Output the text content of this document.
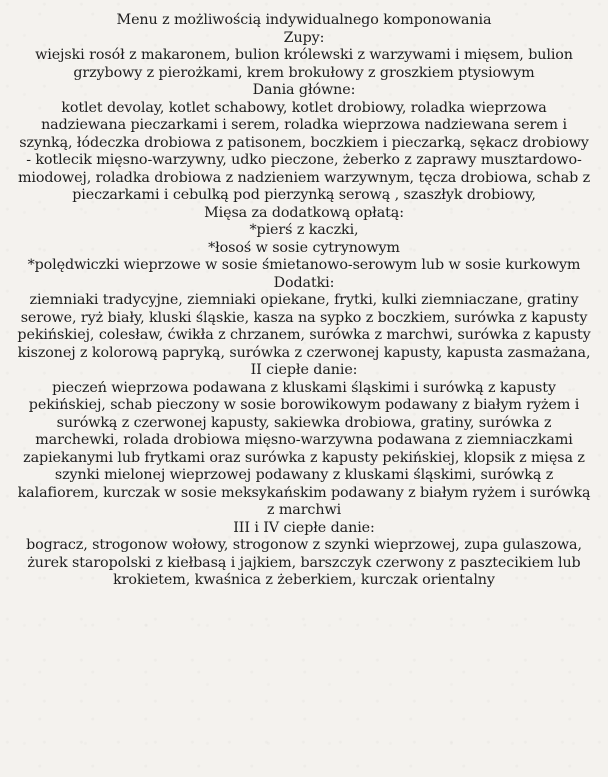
Menu z możliwością indywidualnego komponowania

Zupy:

wiejski rosół z makaronem, bulion królewski z warzywami i mięsem, bulion

grzybowy z pierożkami, krem brokułowy z groszkiem ptysiowym

Dania główne:

kotlet devolay, kotlet schabowy, kotlet drobiowy, roladka wieprzowa

nadziewana pieczarkami i serem, roladka wieprzowa nadziewana serem i

szynką, łódeczka drobiowa z patisonem, boczkiem i pieczarką, sękacz drobiowy

- kotlecik mięsno-warzywny, udko pieczone, żeberko z zaprawy musztardowo-

miodowej, roladka drobiowa z nadzieniem warzywnym, tęcza drobiowa, schab z

pieczarkami i cebulką pod pierzynką serową , szaszłyk drobiowy,

Mięsa za dodatkową opłatą:

*pierś z kaczki,

*łosoś w sosie cytrynowym

*polędwiczki wieprzowe w sosie śmietanowo-serowym lub w sosie kurkowym

Dodatki:

ziemniaki tradycyjne, ziemniaki opiekane, frytki, kulki ziemniaczane, gratiny

serowe, ryż biały, kluski śląskie, kasza na sypko z boczkiem, surówka z kapusty

pekińskiej, colesław, ćwikła z chrzanem, surówka z marchwi, surówka z kapusty

kiszonej z kolorową papryką, surówka z czerwonej kapusty, kapusta zasmażana,

II ciepłe danie:

pieczeń wieprzowa podawana z kluskami śląskimi i surówką z kapusty

pekińskiej, schab pieczony w sosie borowikowym podawany z białym ryżem i

surówką z czerwonej kapusty, sakiewka drobiowa, gratiny, surówka z

marchewki, rolada drobiowa mięsno-warzywna podawana z ziemniaczkami

zapiekanymi lub frytkami oraz surówka z kapusty pekińskiej, klopsik z mięsa z

szynki mielonej wieprzowej podawany z kluskami śląskimi, surówką z

kalafiorem, kurczak w sosie meksykańskim podawany z białym ryżem i surówką

z marchwi

III i IV ciepłe danie:

bogracz, strogonow wołowy, strogonow z szynki wieprzowej, zupa gulaszowa,

żurek staropolski z kiełbasą i jajkiem, barszczyk czerwony z pasztecikiem lub

krokietem, kwaśnica z żeberkiem, kurczak orientalny
